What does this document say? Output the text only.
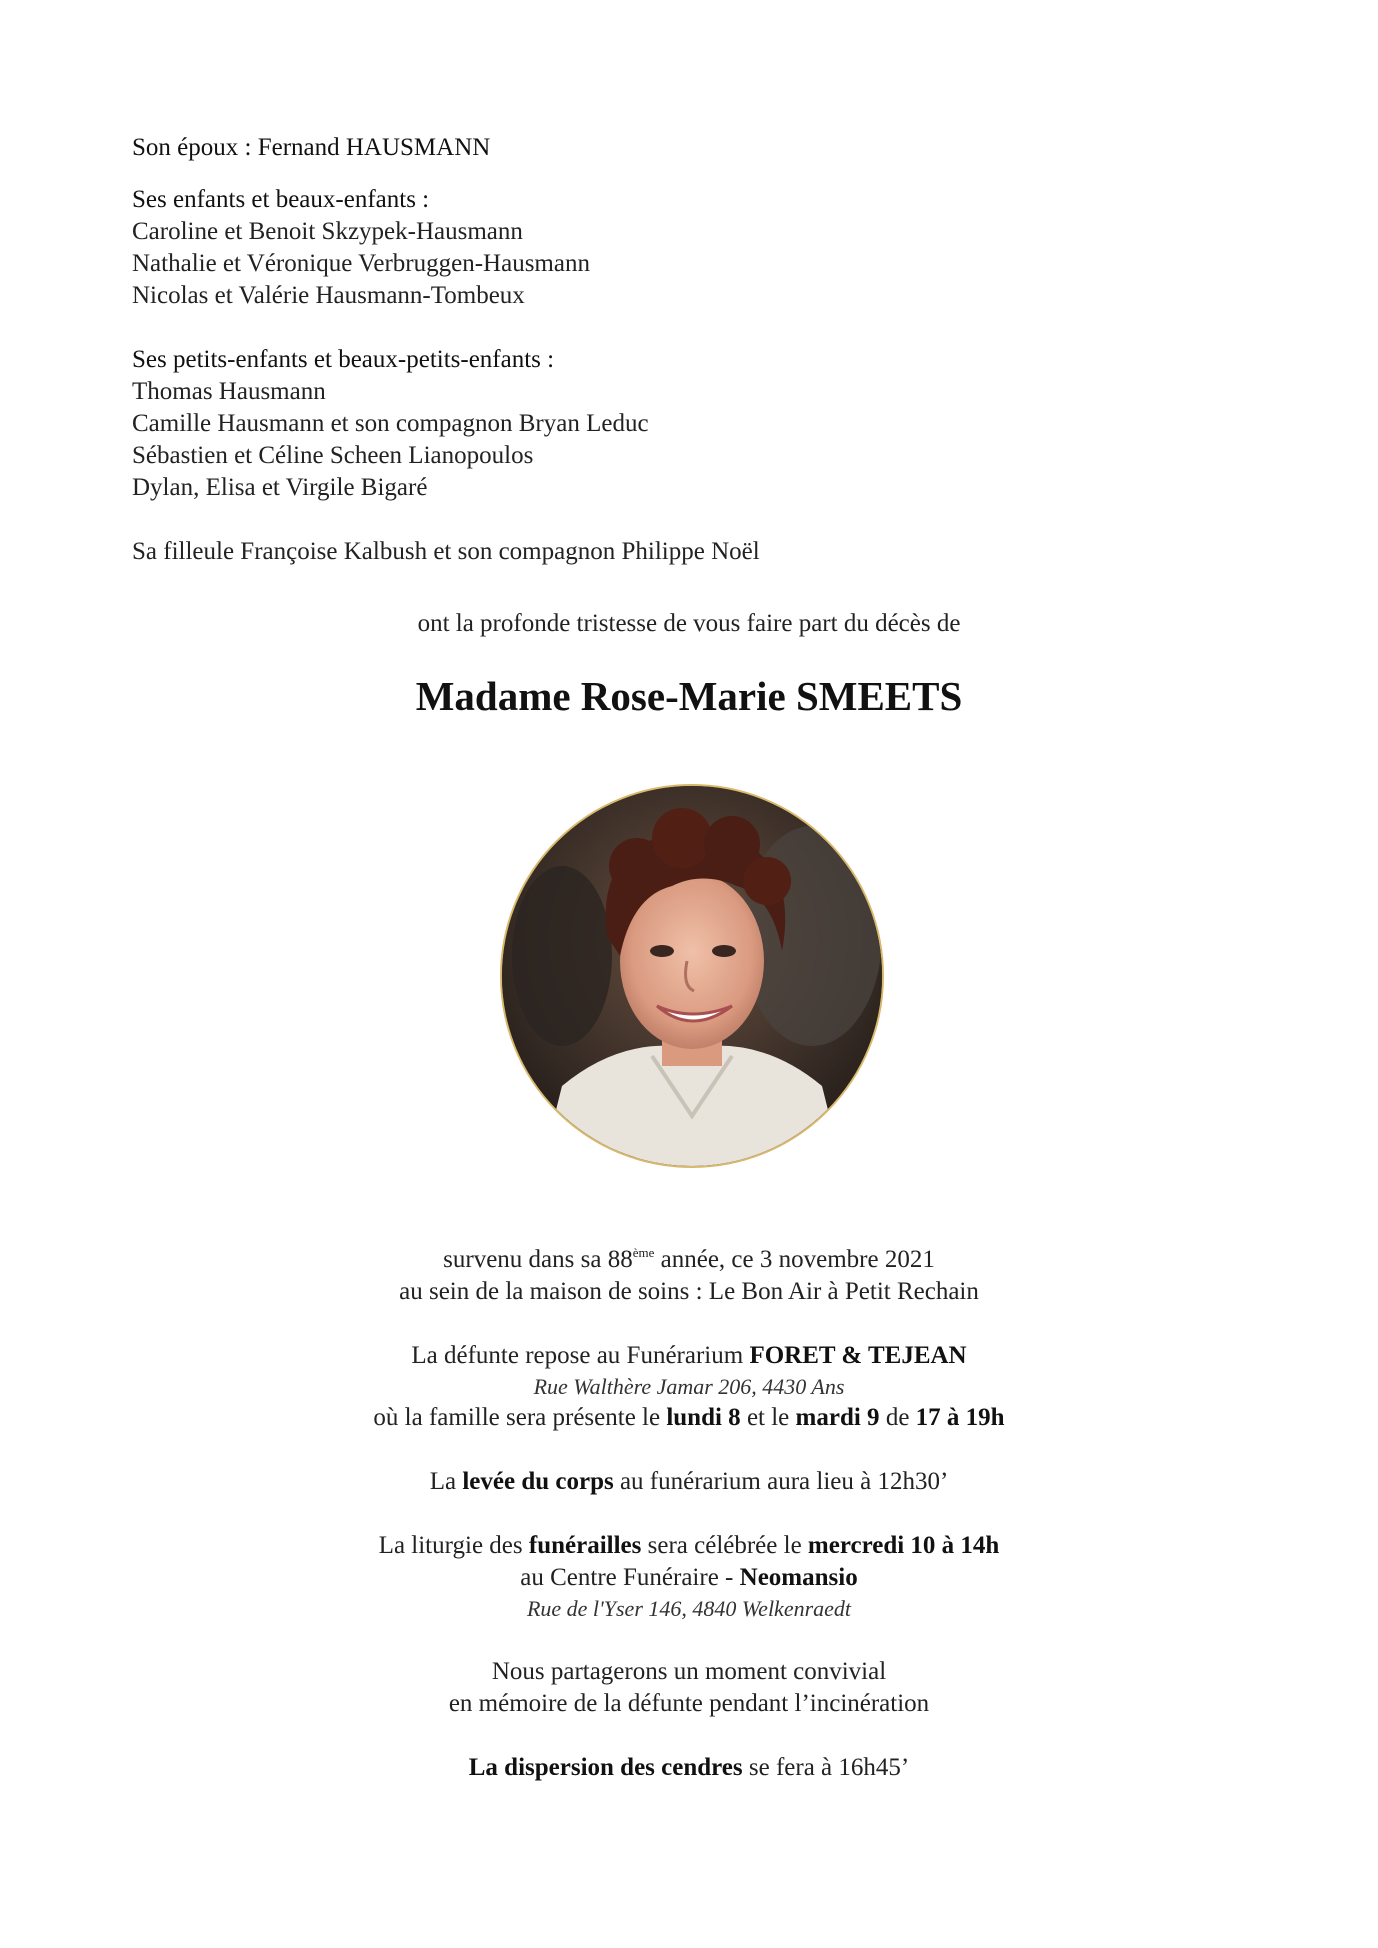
Son époux : Fernand HAUSMANN

Ses enfants et beaux-enfants :

Caroline et Benoit Skzypek-Hausmann

Nathalie et Véronique Verbruggen-Hausmann

Nicolas et Valérie Hausmann-Tombeux

Ses petits-enfants et beaux-petits-enfants :

Thomas Hausmann

Camille Hausmann et son compagnon Bryan Leduc

Sébastien et Céline Scheen Lianopoulos

Dylan, Elisa et Virgile Bigaré

Sa filleule Françoise Kalbush et son compagnon Philippe Noël

ont la profonde tristesse de vous faire part du décès de

Madame Rose-Marie SMEETS

survenu dans sa 88ème année, ce 3 novembre 2021

au sein de la maison de soins : Le Bon Air à Petit Rechain

La défunte repose au Funérarium FORET & TEJEAN

Rue Walthère Jamar 206, 4430 Ans

où la famille sera présente le lundi 8 et le mardi 9 de 17 à 19h

La levée du corps au funérarium aura lieu à 12h30’

La liturgie des funérailles sera célébrée le mercredi 10 à 14h

au Centre Funéraire - Neomansio

Rue de l'Yser 146, 4840 Welkenraedt

Nous partagerons un moment convivial

en mémoire de la défunte pendant l’incinération

La dispersion des cendres se fera à 16h45’
